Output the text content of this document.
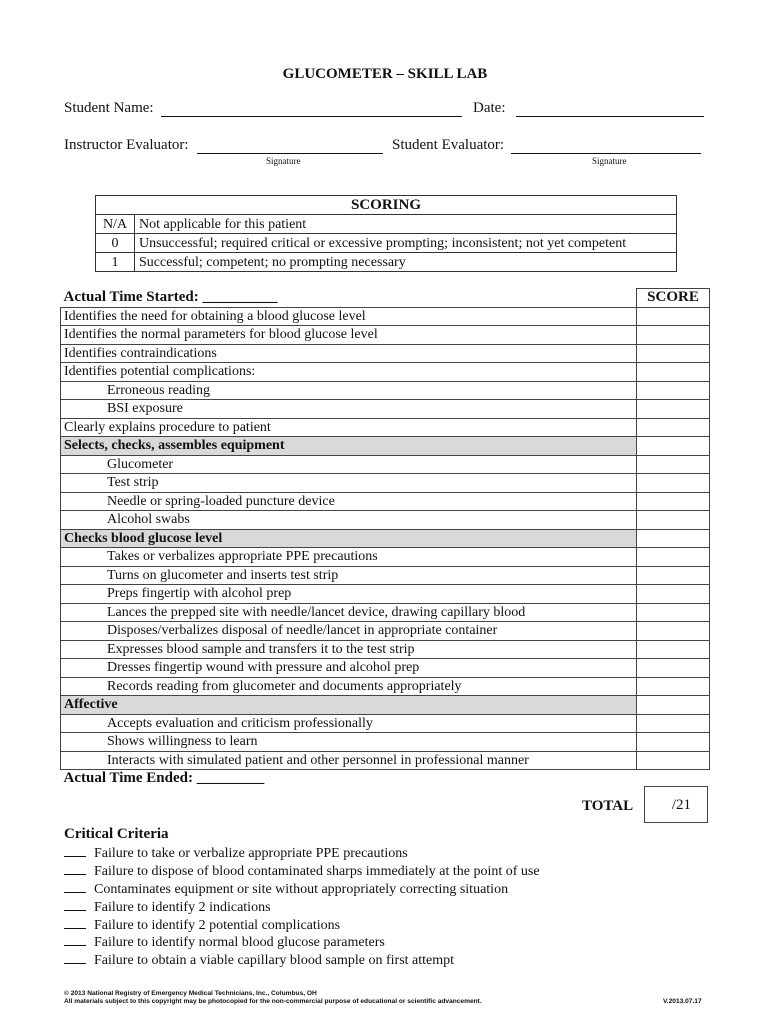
GLUCOMETER – SKILL LAB
Student Name:	Date:
Instructor Evaluator:	Student Evaluator:
Signature	Signature
SCORING	
N/A	Not applicable for this patient
0	Unsuccessful; required critical or excessive prompting; inconsistent; not yet competent
1	Successful; competent; no prompting necessary
Actual Time Started: __________	SCORE
Identifies the need for obtaining a blood glucose level	
Identifies the normal parameters for blood glucose level	
Identifies contraindications	
Identifies potential complications:	
Erroneous reading	
BSI exposure	
Clearly explains procedure to patient	
Selects, checks, assembles equipment	
Glucometer	
Test strip	
Needle or spring-loaded puncture device	
Alcohol swabs	
Checks blood glucose level	
Takes or verbalizes appropriate PPE precautions	
Turns on glucometer and inserts test strip	
Preps fingertip with alcohol prep	
Lances the prepped site with needle/lancet device, drawing capillary blood	
Disposes/verbalizes disposal of needle/lancet in appropriate container	
Expresses blood sample and transfers it to the test strip	
Dresses fingertip wound with pressure and alcohol prep	
Records reading from glucometer and documents appropriately	
Affective	
Accepts evaluation and criticism professionally	
Shows willingness to learn	
Interacts with simulated patient and other personnel in professional manner	
Actual Time Ended: _________	
TOTAL	/21
Critical Criteria
Failure to take or verbalize appropriate PPE precautions
Failure to dispose of blood contaminated sharps immediately at the point of use
Contaminates equipment or site without appropriately correcting situation
Failure to identify 2 indications
Failure to identify 2 potential complications
Failure to identify normal blood glucose parameters
Failure to obtain a viable capillary blood sample on first attempt
© 2013 National Registry of Emergency Medical Technicians, Inc., Columbus, OH
All materials subject to this copyright may be photocopied for the non-commercial purpose of educational or scientific advancement.	V.2013.07.17
